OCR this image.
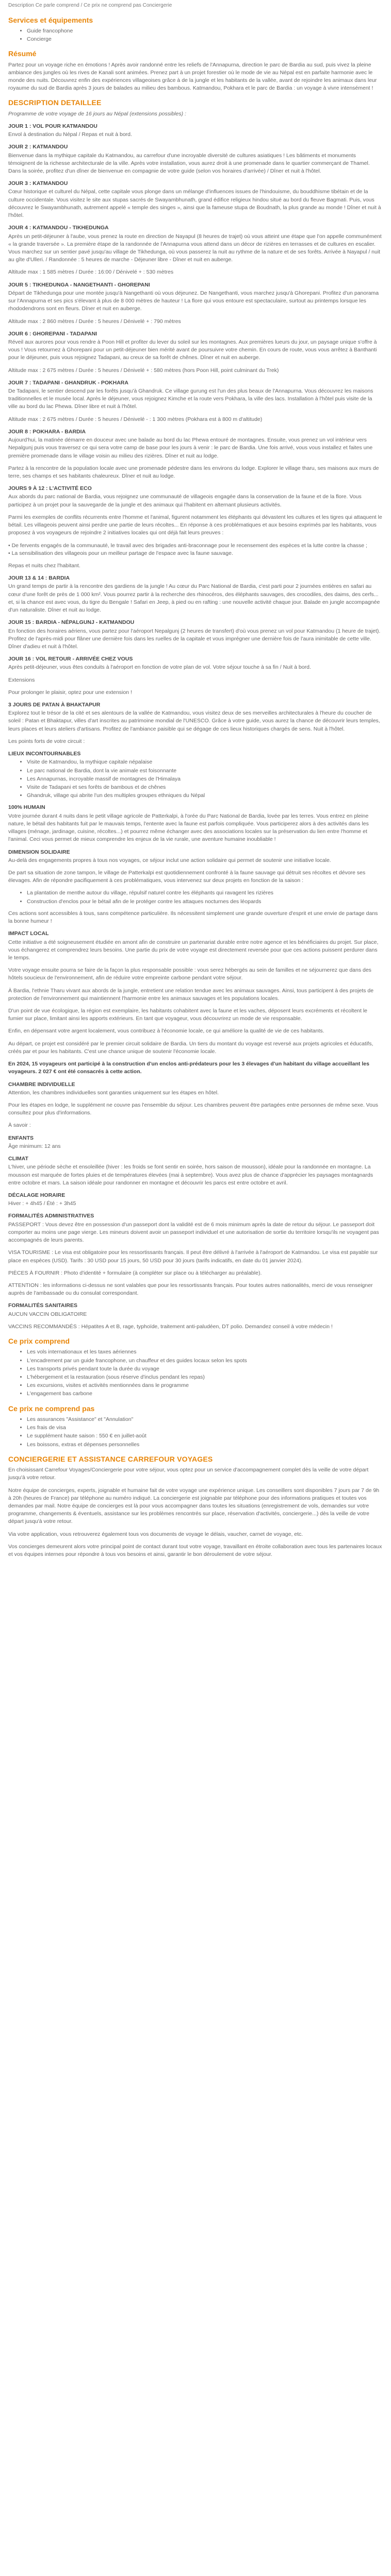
Description Ce parle comprend / Ce prix ne comprend pas Conciergerie
Services et équipements
• Guide francophone
• Concierge
Résumé

Partez pour un voyage riche en émotions ! Après avoir randonné entre les reliefs de l'Annapurna, direction le parc de Bardia au sud, puis vivez la pleine ambiance des jungles où les rives de Kanali sont animées. Prenez part à un projet forestier où le mode de vie au Népal est en parfaite harmonie avec le monde des nuits. Découvrez enfin des expériences villageoises grâce à de la jungle et les habitants de la vallée, avant de rejoindre les animaux dans leur royaume du sud de Bardia après 3 jours de balades au milieu des bambous. Katmandou, Pokhara et le parc de Bardia : un voyage à vivre intensément !

DESCRIPTION DETAILLEE

Programme de votre voyage de 16 jours au Népal (extensions possibles) :

JOUR 1 : VOL POUR KATMANDOU

Envol à destination du Népal / Repas et nuit à bord.

JOUR 2 : KATMANDOU

Bienvenue dans la mythique capitale du Katmandou, au carrefour d'une incroyable diversité de cultures asiatiques ! Les bâtiments et monuments témoignent de la richesse architecturale de la ville. Après votre installation, vous aurez droit à une promenade dans le quartier commerçant de Thamel. Dans la soirée, profitez d'un dîner de bienvenue en compagnie de votre guide (selon vos horaires d'arrivée) / Dîner et nuit à l'hôtel.

JOUR 3 : KATMANDOU

Cœur historique et culturel du Népal, cette capitale vous plonge dans un mélange d'influences issues de l'hindouisme, du bouddhisme tibétain et de la culture occidentale. Vous visitez le site aux stupas sacrés de Swayambhunath, grand édifice religieux hindou situé au bord du fleuve Bagmati. Puis, vous découvrez le Swayambhunath, autrement appelé « temple des singes », ainsi que la fameuse stupa de Boudnath, la plus grande au monde ! Dîner et nuit à l'hôtel.

JOUR 4 : KATMANDOU - TIKHEDUNGA

Après un petit-déjeuner à l'aube, vous prenez la route en direction de Nayapul (8 heures de trajet) où vous atteint une étape que l'on appelle communément « la grande traversée ». La première étape de la randonnée de l'Annapurna vous attend dans un décor de rizières en terrasses et de cultures en escalier. Vous marchez sur un sentier pavé jusqu'au village de Tikhedunga, où vous passerez la nuit au rythme de la nature et de ses forêts. Arrivée à Nayapul / nuit au gîte d'Ulleri. / Randonnée : 5 heures de marche - Déjeuner libre - Dîner et nuit en auberge.

Altitude max : 1 585 mètres / Durée : 16:00 / Dénivelé + : 530 mètres

JOUR 5 : TIKHEDUNGA - NANGETHANTI - GHOREPANI

Départ de Tikhedunga pour une montée jusqu'à Nangethanti où vous déjeunez. De Nangethanti, vous marchez jusqu'à Ghorepani. Profitez d'un panorama sur l'Annapurna et ses pics s'élevant à plus de 8 000 mètres de hauteur ! La flore qui vous entoure est spectaculaire, surtout au printemps lorsque les rhododendrons sont en fleurs. Dîner et nuit en auberge.

Altitude max : 2 860 mètres / Durée : 5 heures / Dénivelé + : 790 mètres

JOUR 6 : GHOREPANI - TADAPANI

Réveil aux aurores pour vous rendre à Poon Hill et profiter du lever du soleil sur les montagnes. Aux premières lueurs du jour, un paysage unique s'offre à vous ! Vous retournez à Ghorepani pour un petit-déjeuner bien mérité avant de poursuivre votre chemin. En cours de route, vous vous arrêtez à Banthanti pour le déjeuner, puis vous rejoignez Tadapani, au creux de sa forêt de chênes. Dîner et nuit en auberge.

Altitude max : 2 675 mètres / Durée : 5 heures / Dénivelé + : 580 mètres (hors Poon Hill, point culminant du Trek)

JOUR 7 : TADAPANI - GHANDRUK - POKHARA

De Tadapani, le sentier descend par les forêts jusqu'à Ghandruk. Ce village gurung est l'un des plus beaux de l'Annapurna. Vous découvrez les maisons traditionnelles et le musée local. Après le déjeuner, vous rejoignez Kimche et la route vers Pokhara, la ville des lacs. Installation à l'hôtel puis visite de la ville au bord du lac Phewa. Dîner libre et nuit à l'hôtel.

Altitude max : 2 675 mètres / Durée : 5 heures / Dénivelé - : 1 300 mètres (Pokhara est à 800 m d'altitude)

JOUR 8 : POKHARA - BARDIA

Aujourd'hui, la matinée démarre en douceur avec une balade au bord du lac Phewa entouré de montagnes. Ensuite, vous prenez un vol intérieur vers Nepalgunj puis vous traversez ce qui sera votre camp de base pour les jours à venir : le parc de Bardia. Une fois arrivé, vous vous installez et faites une première promenade dans le village voisin au milieu des rizières. Dîner et nuit au lodge.

Partez à la rencontre de la population locale avec une promenade pédestre dans les environs du lodge. Explorer le village tharu, ses maisons aux murs de terre, ses champs et ses habitants chaleureux. Dîner et nuit au lodge.

JOURS 9 À 12 : L'ACTIVITÉ ECO

Aux abords du parc national de Bardia, vous rejoignez une communauté de villageois engagée dans la conservation de la faune et de la flore. Vous participez à un projet pour la sauvegarde de la jungle et des animaux qui l'habitent en alternant plusieurs activités.

Parmi les exemples de conflits récurrents entre l'homme et l'animal, figurent notamment les éléphants qui dévastent les cultures et les tigres qui attaquent le bétail. Les villageois peuvent ainsi perdre une partie de leurs récoltes... En réponse à ces problématiques et aux besoins exprimés par les habitants, vous proposez à vos voyageurs de rejoindre 2 initiatives locales qui ont déjà fait leurs preuves :

• De fervents engagés de la communauté, le travail avec des brigades anti-braconnage pour le recensement des espèces et la lutte contre la chasse ;
• La sensibilisation des villageois pour un meilleur partage de l'espace avec la faune sauvage.

Repas et nuits chez l'habitant.

JOUR 13 & 14 : BARDIA

Un grand temps de partir à la rencontre des gardiens de la jungle ! Au cœur du Parc National de Bardia, c'est parti pour 2 journées entières en safari au cœur d'une forêt de près de 1 000 km². Vous pourrez partir à la recherche des rhinocéros, des éléphants sauvages, des crocodiles, des daims, des cerfs... et, si la chance est avec vous, du tigre du Bengale ! Safari en Jeep, à pied ou en rafting : une nouvelle activité chaque jour. Balade en jungle accompagnée d'un naturaliste. Dîner et nuit au lodge.

JOUR 15 : BARDIA - NÉPALGUNJ - KATMANDOU

En fonction des horaires aériens, vous partez pour l'aéroport Nepalgunj (2 heures de transfert) d'où vous prenez un vol pour Katmandou (1 heure de trajet). Profitez de l'après-midi pour flâner une dernière fois dans les ruelles de la capitale et vous imprégner une dernière fois de l'aura inimitable de cette ville. Dîner d'adieu et nuit à l'hôtel.

JOUR 16 : VOL RETOUR - ARRIVÉE CHEZ VOUS

Après petit-déjeuner, vous êtes conduits à l'aéroport en fonction de votre plan de vol. Votre séjour touche à sa fin / Nuit à bord.

Extensions

Pour prolonger le plaisir, optez pour une extension !

3 JOURS DE PATAN À BHAKTAPUR

Explorez tout le trésor de la cité et ses alentours de la vallée de Katmandou, vous visitez deux de ses merveilles architecturales à l'heure du coucher de soleil : Patan et Bhaktapur, villes d'art inscrites au patrimoine mondial de l'UNESCO. Grâce à votre guide, vous aurez la chance de découvrir leurs temples, leurs places et leurs ateliers d'artisans. Profitez de l'ambiance paisible qui se dégage de ces lieux historiques chargés de sens. Nuit à l'hôtel.

Les points forts de votre circuit :

LIEUX INCONTOURNABLES
• Visite de Katmandou, la mythique capitale népalaise
• Le parc national de Bardia, dont la vie animale est foisonnante
• Les Annapurnas, incroyable massif de montagnes de l'Himalaya
• Visite de Tadapani et ses forêts de bambous et de chênes
• Ghandruk, village qui abrite l'un des multiples groupes ethniques du Népal
100% HUMAIN

Votre journée durant 4 nuits dans le petit village agricole de Patterkalpi, à l'orée du Parc National de Bardia, lovée par les terres. Vous entrez en pleine nature, le bétail des habitants fuit par le mauvais temps, l'entente avec la faune est parfois compliquée. Vous participerez alors à des activités dans les villages (ménage, jardinage, cuisine, récoltes...) et pourrez même échanger avec des associations locales sur la préservation du lien entre l'homme et l'animal. Ceci vous permet de mieux comprendre les enjeux de la vie rurale, une aventure humaine inoubliable !

DIMENSION SOLIDAIRE

Au-delà des engagements propres à tous nos voyages, ce séjour inclut une action solidaire qui permet de soutenir une initiative locale.

De part sa situation de zone tampon, le village de Patterkalpi est quotidiennement confronté à la faune sauvage qui détruit ses récoltes et dévore ses élevages. Afin de répondre pacifiquement à ces problématiques, vous intervenez sur deux projets en fonction de la saison :

• La plantation de menthe autour du village, répulsif naturel contre les éléphants qui ravagent les rizières
• Construction d'enclos pour le bétail afin de le protéger contre les attaques nocturnes des léopards

Ces actions sont accessibles à tous, sans compétence particulière. Ils nécessitent simplement une grande ouverture d'esprit et une envie de partage dans la bonne humeur !

IMPACT LOCAL

Cette initiative a été soigneusement étudiée en amont afin de construire un partenariat durable entre notre agence et les bénéficiaires du projet. Sur place, vous échangerez et comprendrez leurs besoins. Une partie du prix de votre voyage est directement reversée pour que ces actions puissent perdurer dans le temps.

Votre voyage ensuite pourra se faire de la façon la plus responsable possible : vous serez hébergés au sein de familles et ne séjournerez que dans des hôtels soucieux de l'environnement, afin de réduire votre empreinte carbone pendant votre séjour.

À Bardia, l'ethnie Tharu vivant aux abords de la jungle, entretient une relation tendue avec les animaux sauvages. Ainsi, tous participent à des projets de protection de l'environnement qui maintiennent l'harmonie entre les animaux sauvages et les populations locales.

D'un point de vue écologique, la région est exemplaire, les habitants cohabitent avec la faune et les vaches, déposent leurs excréments et récoltent le fumier sur place, limitant ainsi les apports extérieurs. En tant que voyageur, vous découvrirez un mode de vie responsable.

Enfin, en dépensant votre argent localement, vous contribuez à l'économie locale, ce qui améliore la qualité de vie de ces habitants.

Au départ, ce projet est considéré par le premier circuit solidaire de Bardia. Un tiers du montant du voyage est reversé aux projets agricoles et éducatifs, créés par et pour les habitants. C'est une chance unique de soutenir l'économie locale.

En 2024, 15 voyageurs ont participé à la construction d'un enclos anti-prédateurs pour les 3 élevages d'un habitant du village accueillant les voyageurs. 2 027 € ont été consacrés à cette action.

CHAMBRE INDIVIDUELLE

Attention, les chambres individuelles sont garanties uniquement sur les étapes en hôtel.

Pour les étapes en lodge, le supplément ne couvre pas l'ensemble du séjour. Les chambres peuvent être partagées entre personnes de même sexe. Vous consultez pour plus d'informations.

À savoir :

ENFANTS

Âge minimum: 12 ans

CLIMAT

L'hiver, une période sèche et ensoleillée (hiver : les froids se font sentir en soirée, hors saison de mousson), idéale pour la randonnée en montagne. La mousson est marquée de fortes pluies et de températures élevées (mai à septembre). Vous avez plus de chance d'apprécier les paysages montagnards entre octobre et mars. La saison idéale pour randonner en montagne et découvrir les parcs est entre octobre et avril.

DÉCALAGE HORAIRE

Hiver : + 4h45 / Été : + 3h45

FORMALITÉS ADMINISTRATIVES

PASSEPORT : Vous devez être en possession d'un passeport dont la validité est de 6 mois minimum après la date de retour du séjour. Le passeport doit comporter au moins une page vierge. Les mineurs doivent avoir un passeport individuel et une autorisation de sortie du territoire lorsqu'ils ne voyagent pas accompagnés de leurs parents.

VISA TOURISME : Le visa est obligatoire pour les ressortissants français. Il peut être délivré à l'arrivée à l'aéroport de Katmandou. Le visa est payable sur place en espèces (USD). Tarifs : 30 USD pour 15 jours, 50 USD pour 30 jours (tarifs indicatifs, en date du 01 janvier 2024).

PIÈCES À FOURNIR : Photo d'identité + formulaire (à compléter sur place ou à télécharger au préalable).

ATTENTION : les informations ci-dessus ne sont valables que pour les ressortissants français. Pour toutes autres nationalités, merci de vous renseigner auprès de l'ambassade ou du consulat correspondant.

FORMALITÉS SANITAIRES

AUCUN VACCIN OBLIGATOIRE

VACCINS RECOMMANDÉS : Hépatites A et B, rage, typhoïde, traitement anti-paludéen, DT polio. Demandez conseil à votre médecin !

Ce prix comprend
• Les vols internationaux et les taxes aériennes
• L'encadrement par un guide francophone, un chauffeur et des guides locaux selon les spots
• Les transports privés pendant toute la durée du voyage
• L'hébergement et la restauration (sous réserve d'inclus pendant les repas)
• Les excursions, visites et activités mentionnées dans le programme
• L'engagement bas carbone
Ce prix ne comprend pas
• Les assurances "Assistance" et "Annulation"
• Les frais de visa
• Le supplément haute saison : 550 € en juillet-août
• Les boissons, extras et dépenses personnelles
CONCIERGERIE ET ASSISTANCE CARREFOUR VOYAGES

En choisissant Carrefour Voyages/Conciergerie pour votre séjour, vous optez pour un service d'accompagnement complet dès la veille de votre départ jusqu'à votre retour.

Notre équipe de concierges, experts, joignable et humaine fait de votre voyage une expérience unique. Les conseillers sont disponibles 7 jours par 7 de 9h à 20h (heures de France) par téléphone au numéro indiqué. La conciergerie est joignable par téléphone pour des informations pratiques et toutes vos demandes par mail. Notre équipe de concierges est là pour vous accompagner dans toutes les situations (enregistrement de vols, demandes sur votre programme, changements & éventuels, assistance sur les problèmes rencontrés sur place, réservation d'activités, conciergerie...) dès la veille de votre départ jusqu'à votre retour.

Via votre application, vous retrouverez également tous vos documents de voyage le délais, vaucher, carnet de voyage, etc.

Vos concierges demeurent alors votre principal point de contact durant tout votre voyage, travaillant en étroite collaboration avec tous les partenaires locaux et vos équipes internes pour répondre à tous vos besoins et ainsi, garantir le bon déroulement de votre séjour.
